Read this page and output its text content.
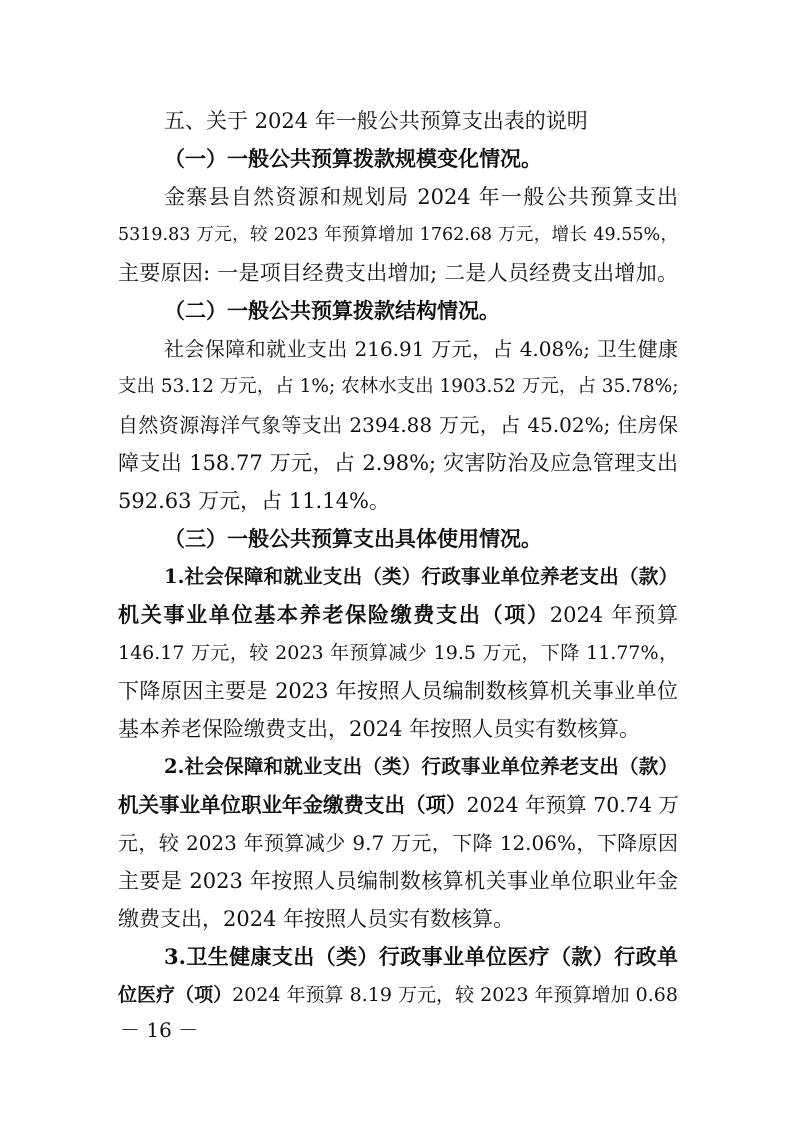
五、关于 2024 年一般公共预算支出表的说明

（一）一般公共预算拨款规模变化情况。

金寨县自然资源和规划局 2024 年一般公共预算支出

5319.83 万元，较 2023 年预算增加 1762.68 万元，增长 49.55%，

主要原因: 一是项目经费支出增加; 二是人员经费支出增加。

（二）一般公共预算拨款结构情况。

社会保障和就业支出 216.91 万元，占 4.08%; 卫生健康

支出 53.12 万元，占 1%; 农林水支出 1903.52 万元，占 35.78%;

自然资源海洋气象等支出 2394.88 万元，占 45.02%; 住房保

障支出 158.77 万元，占 2.98%; 灾害防治及应急管理支出

592.63 万元，占 11.14%。

（三）一般公共预算支出具体使用情况。

1.社会保障和就业支出（类）行政事业单位养老支出（款）

机关事业单位基本养老保险缴费支出（项）2024 年预算

146.17 万元，较 2023 年预算减少 19.5 万元，下降 11.77%，

下降原因主要是 2023 年按照人员编制数核算机关事业单位

基本养老保险缴费支出，2024 年按照人员实有数核算。

2.社会保障和就业支出（类）行政事业单位养老支出（款）

机关事业单位职业年金缴费支出（项）2024 年预算 70.74 万

元，较 2023 年预算减少 9.7 万元，下降 12.06%，下降原因

主要是 2023 年按照人员编制数核算机关事业单位职业年金

缴费支出，2024 年按照人员实有数核算。

3.卫生健康支出（类）行政事业单位医疗（款）行政单

位医疗（项）2024 年预算 8.19 万元，较 2023 年预算增加 0.68

－ 16 －
